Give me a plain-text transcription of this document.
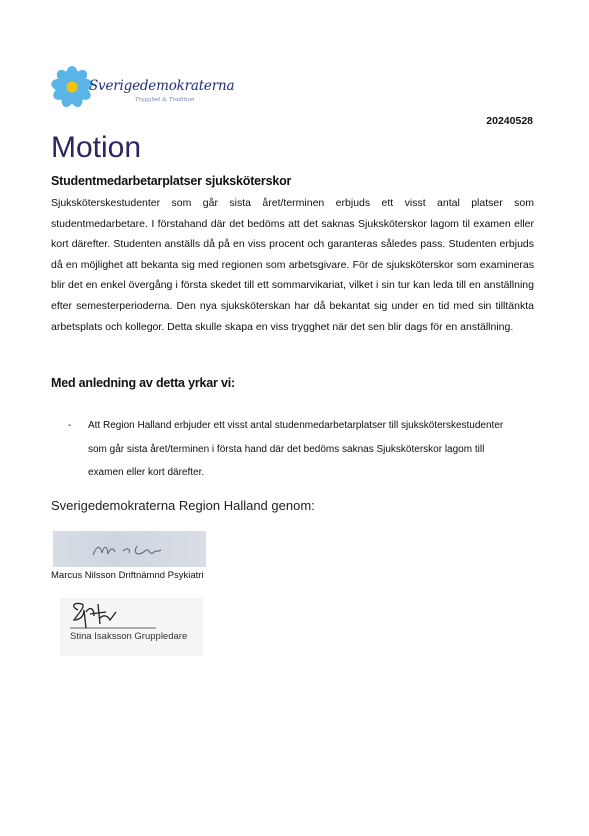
Sverigedemokraterna
Trygghet & Tradition
20240528
Motion
Studentmedarbetarplatser sjuksköterskor

Sjuksköterskestudenter som går sista året/terminen erbjuds ett visst antal platser som studentmedarbetare. I förstahand där det bedöms att det saknas Sjuksköterskor lagom til examen eller kort därefter. Studenten anställs då på en viss procent och garanteras således pass. Studenten erbjuds då en möjlighet att bekanta sig med regionen som arbetsgivare. För de sjuksköterskor som examineras blir det en enkel övergång i första skedet till ett sommarvikariat, vilket i sin tur kan leda till en anställning efter semesterperioderna. Den nya sjuksköterskan har då bekantat sig under en tid med sin tilltänkta arbetsplats och kollegor. Detta skulle skapa en viss trygghet när det sen blir dags för en anställning.

Med anledning av detta yrkar vi:
- Att Region Halland erbjuder ett visst antal studenmedarbetarplatser till sjuksköterskestudenter som går sista året/terminen i första hand där det bedöms saknas Sjuksköterskor lagom till examen eller kort därefter.
Sverigedemokraterna Region Halland genom:
Marcus Nilsson Driftnämnd Psykiatri
Stina Isaksson Gruppledare
